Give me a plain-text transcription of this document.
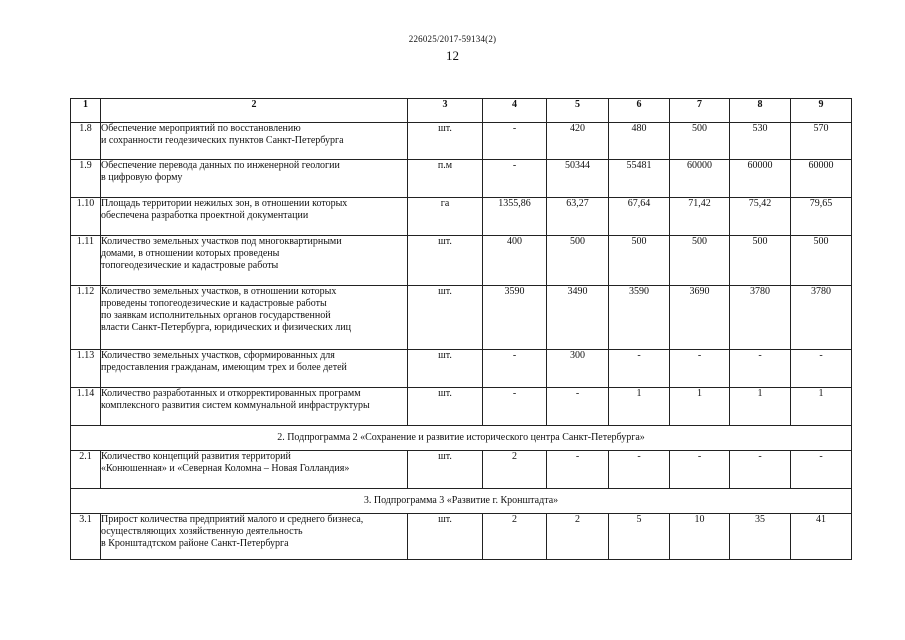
226025/2017-59134(2)
12
1	2	3	4	5	6	7	8	9
1.8	Обеспечение мероприятий по восстановлению
и сохранности геодезических пунктов Санкт-Петербурга	шт.	-	420	480	500	530	570
1.9	Обеспечение перевода данных по инженерной геологии
в цифровую форму	п.м	-	50344	55481	60000	60000	60000
1.10	Площадь территории нежилых зон, в отношении которых
обеспечена разработка проектной документации	га	1355,86	63,27	67,64	71,42	75,42	79,65
1.11	Количество земельных участков под многоквартирными
домами, в отношении которых проведены
топогеодезические и кадастровые работы	шт.	400	500	500	500	500	500
1.12	Количество земельных участков, в отношении которых
проведены топогеодезические и кадастровые работы
по заявкам исполнительных органов государственной
власти Санкт-Петербурга, юридических и физических лиц	шт.	3590	3490	3590	3690	3780	3780
1.13	Количество земельных участков, сформированных для
предоставления гражданам, имеющим трех и более детей	шт.	-	300	-	-	-	-
1.14	Количество разработанных и откорректированных программ
комплексного развития систем коммунальной инфраструктуры	шт.	-	-	1	1	1	1
2. Подпрограмма 2 «Сохранение и развитие исторического центра Санкт-Петербурга»								
2.1	Количество концепций развития территорий
«Конюшенная» и «Северная Коломна – Новая Голландия»	шт.	2	-	-	-	-	-
3. Подпрограмма 3 «Развитие г. Кронштадта»								
3.1	Прирост количества предприятий малого и среднего бизнеса,
осуществляющих хозяйственную деятельность
в Кронштадтском районе Санкт-Петербурга	шт.	2	2	5	10	35	41
